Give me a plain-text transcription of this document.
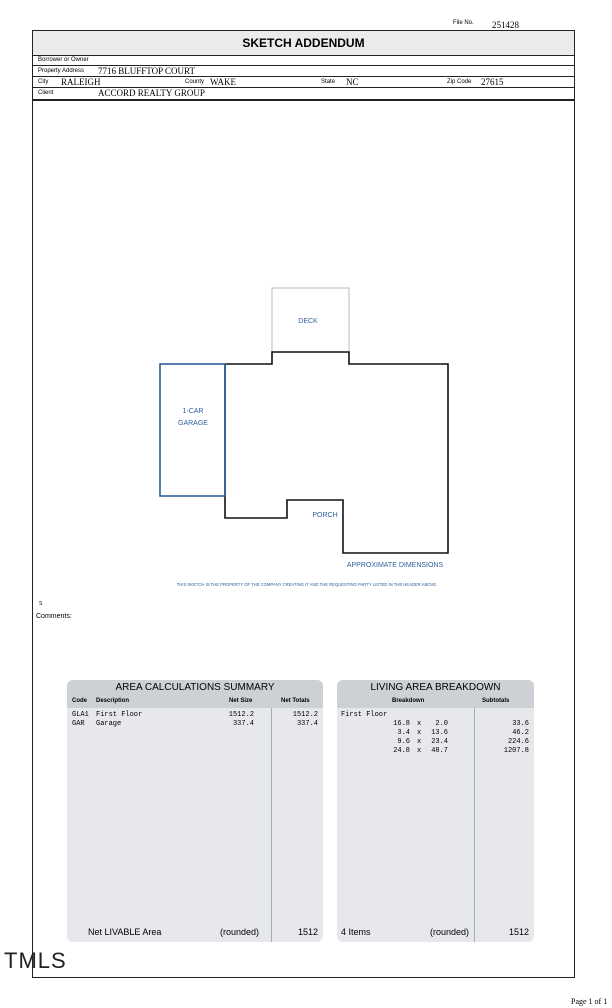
File No. 251428
SKETCH ADDENDUM
Borrower or Owner
Property Address 7716 BLUFFTOP COURT
City RALEIGH	County WAKE	State NC	Zip Code 27615
Client	ACCORD REALTY GROUP
DECK
1-CAR
GARAGE
PORCH
APPROXIMATE DIMENSIONS
THIS SKETCH IS THE PROPERTY OF THE COMPANY CREATING IT AND THE REQUESTING PARTY LISTED IN THE HEADER ABOVE.
S
Comments:
AREA CALCULATIONS SUMMARY
Code Description	Net Size	Net Totals
GLA1 First Floor	1512.2	1512.2
GAR Garage	337.4	337.4
Net LIVABLE Area	(rounded)	1512
LIVING AREA BREAKDOWN
Breakdown	Subtotals
First Floor
16.8 x 2.0	33.6
3.4 x 13.6	46.2
9.6 x 23.4	224.6
24.8 x 48.7	1207.8
4 Items	(rounded)	1512
TMLS
Page 1 of 1
